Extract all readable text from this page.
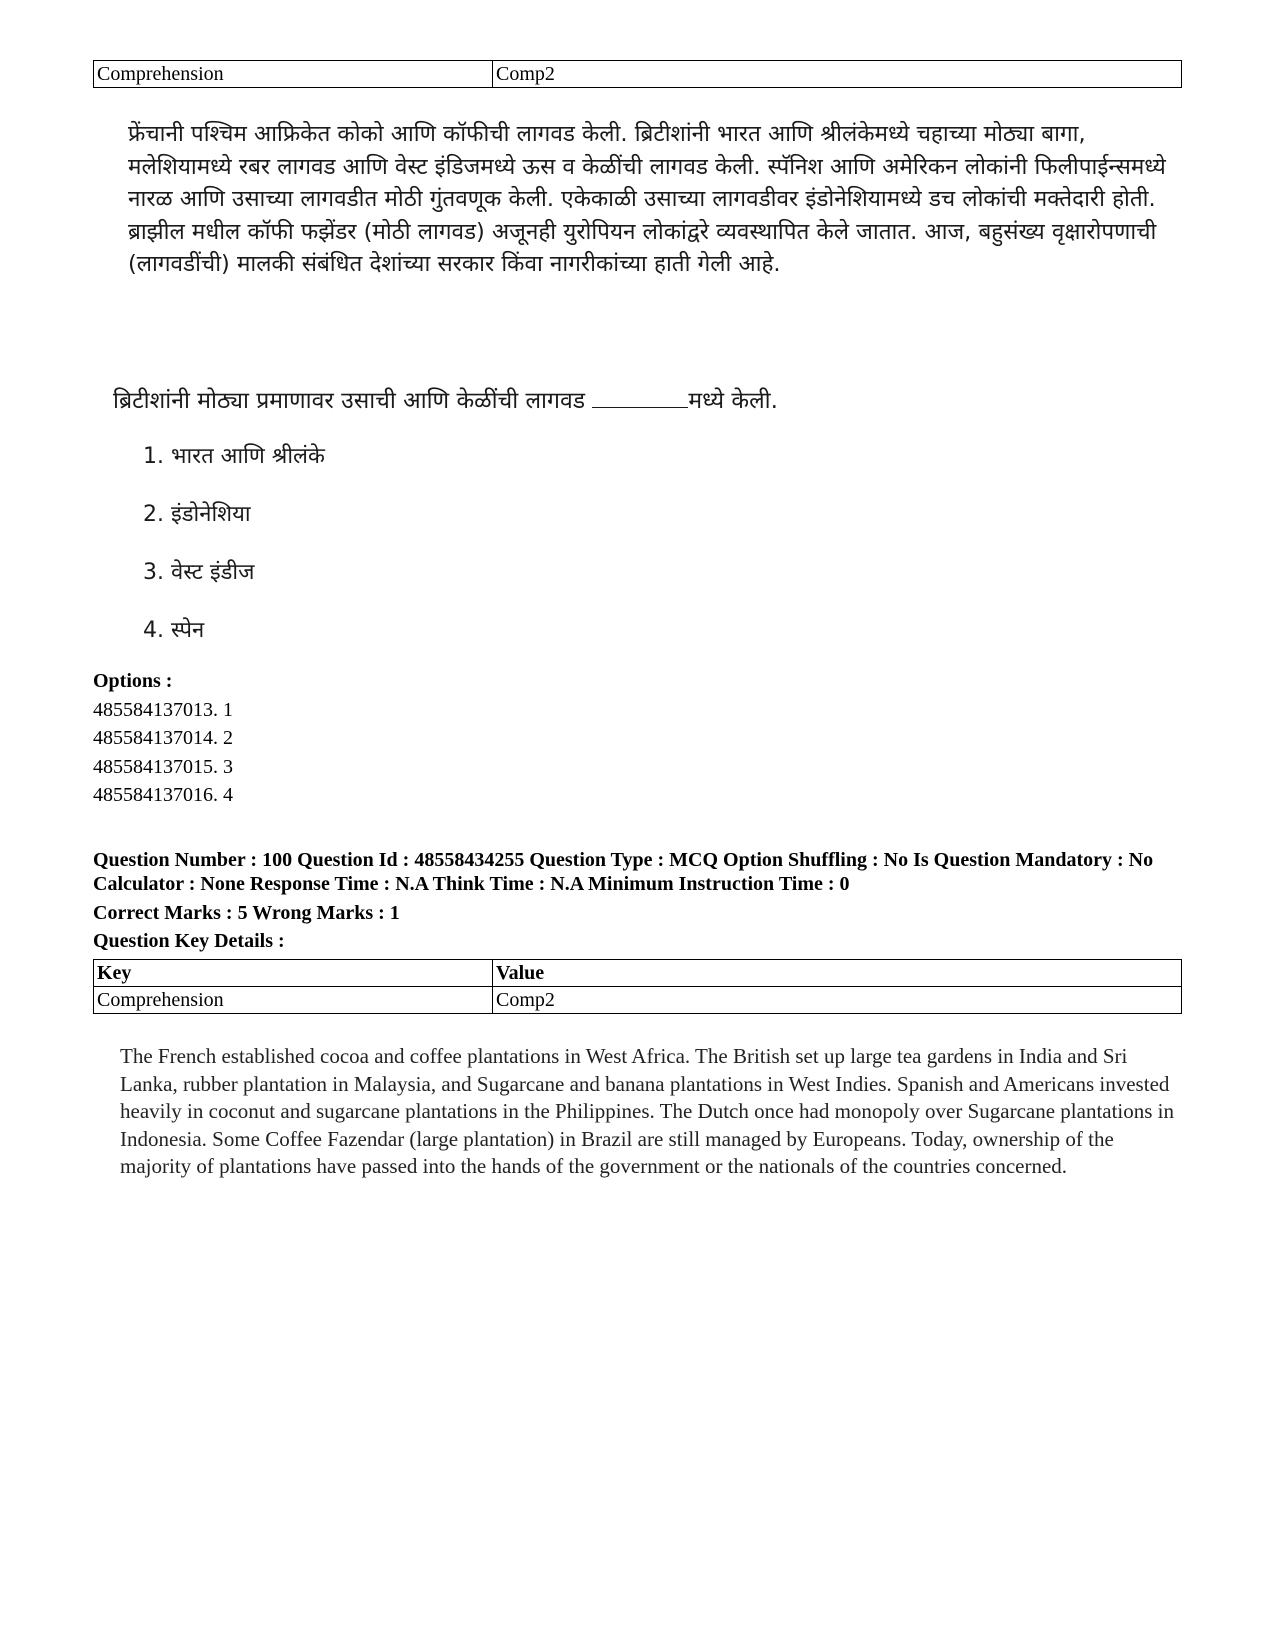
Comprehension	Comp2
फ्रेंचानी पश्चिम आफ्रिकेत कोको आणि कॉफीची लागवड केली. ब्रिटीशांनी भारत आणि श्रीलंकेमध्ये चहाच्या मोठ्या बागा, मलेशियामध्ये रबर लागवड आणि वेस्ट इंडिजमध्ये ऊस व केळींची लागवड केली. स्पॅनिश आणि अमेरिकन लोकांनी फिलीपाईन्समध्ये नारळ आणि उसाच्या लागवडीत मोठी गुंतवणूक केली. एकेकाळी उसाच्या लागवडीवर इंडोनेशियामध्ये डच लोकांची मक्तेदारी होती. ब्राझील मधील कॉफी फझेंडर (मोठी लागवड) अजूनही युरोपियन लोकांद्वरे व्यवस्थापित केले जातात. आज, बहुसंख्य वृक्षारोपणाची (लागवडींची) मालकी संबंधित देशांच्या सरकार किंवा नागरीकांच्या हाती गेली आहे.
ब्रिटीशांनी मोठ्या प्रमाणावर उसाची आणि केळींची लागवड	मध्ये केली.
1. भारत आणि श्रीलंके
2. इंडोनेशिया
3. वेस्ट इंडीज
4. स्पेन
Options :
485584137013. 1
485584137014. 2
485584137015. 3
485584137016. 4
Question Number : 100 Question Id : 48558434255 Question Type : MCQ Option Shuffling : No Is Question Mandatory : No Calculator : None Response Time : N.A Think Time : N.A Minimum Instruction Time : 0
Correct Marks : 5 Wrong Marks : 1
Question Key Details :
Key	Value
Comprehension	Comp2
The French established cocoa and coffee plantations in West Africa. The British set up large tea gardens in India and Sri Lanka, rubber plantation in Malaysia, and Sugarcane and banana plantations in West Indies. Spanish and Americans invested heavily in coconut and sugarcane plantations in the Philippines. The Dutch once had monopoly over Sugarcane plantations in Indonesia. Some Coffee Fazendar (large plantation) in Brazil are still managed by Europeans. Today, ownership of the majority of plantations have passed into the hands of the government or the nationals of the countries concerned.
